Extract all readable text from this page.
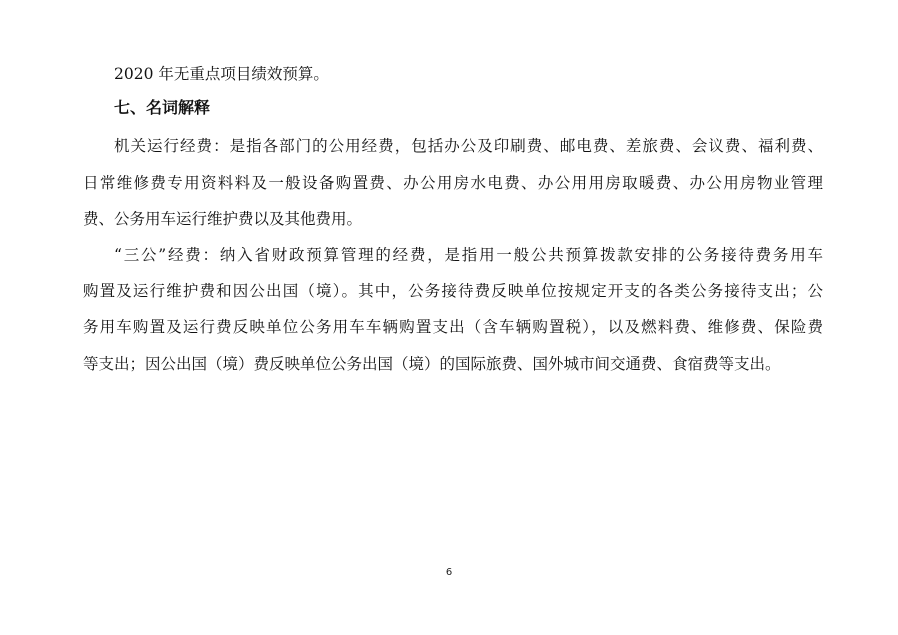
2020 年无重点项目绩效预算。
七、名词解释
机关运行经费：是指各部门的公用经费，包括办公及印刷费、邮电费、差旅费、会议费、福利费、
日常维修费专用资料料及一般设备购置费、办公用房水电费、办公用用房取暖费、办公用房物业管理
费、公务用车运行维护费以及其他费用。
“三公”经费：纳入省财政预算管理的经费，是指用一般公共预算拨款安排的公务接待费务用车
购置及运行维护费和因公出国（境）。其中，公务接待费反映单位按规定开支的各类公务接待支出；公
务用车购置及运行费反映单位公务用车车辆购置支出（含车辆购置税），以及燃料费、维修费、保险费
等支出；因公出国（境）费反映单位公务出国（境）的国际旅费、国外城市间交通费、食宿费等支出。
6
